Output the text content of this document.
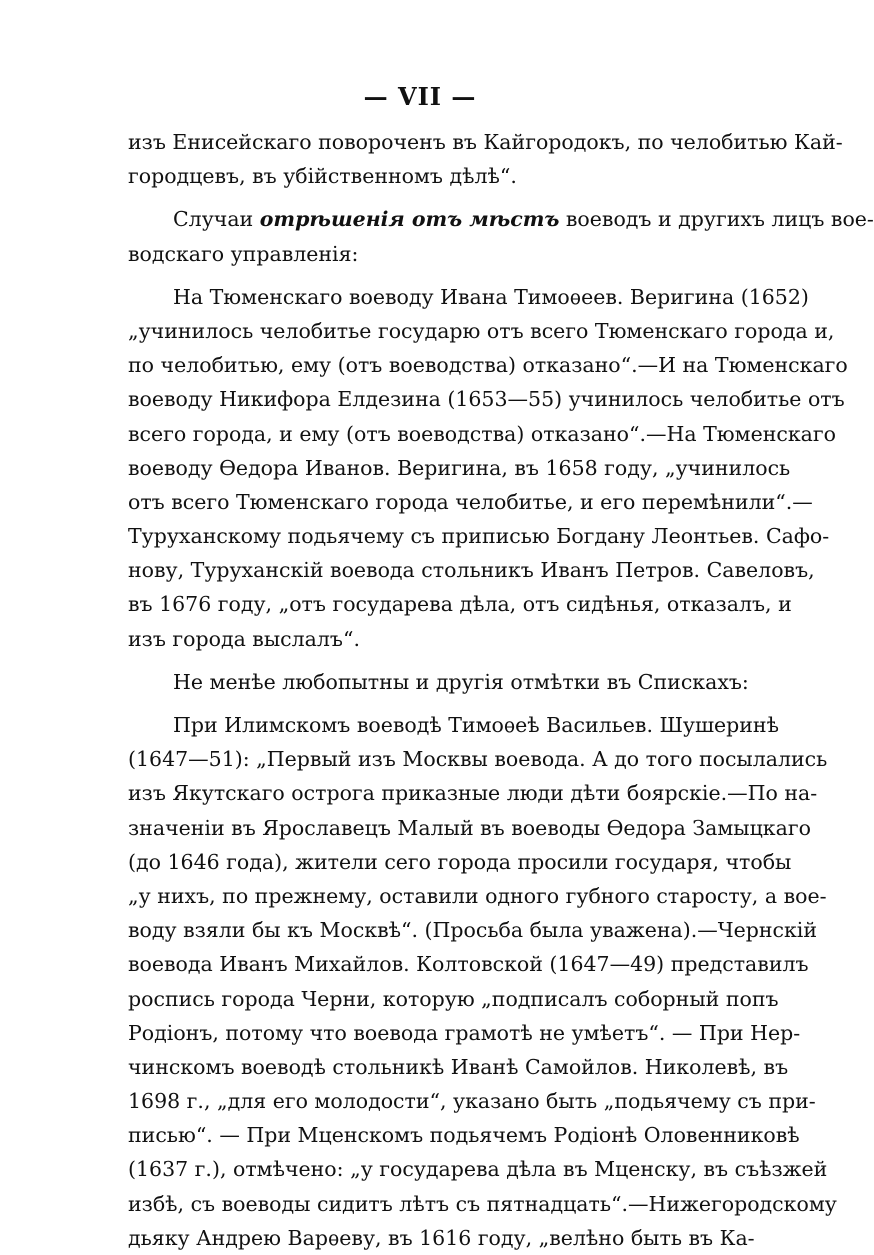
— VII —
изъ Енисейскаго повороченъ въ Кайгородокъ, по челобитью Кай-
городцевъ, въ убійственномъ дѣлѣ“.
Случаи отрѣшенія отъ мѣстъ воеводъ и другихъ лицъ вое-
водскаго управленія:
На Тюменскаго воеводу Ивана Тимоѳеев. Веригина (1652)
„учинилось челобитье государю отъ всего Тюменскаго города и,
по челобитью, ему (отъ воеводства) отказано“.—И на Тюменскаго
воеводу Никифора Елдезина (1653—55) учинилось челобитье отъ
всего города, и ему (отъ воеводства) отказано“.—На Тюменскаго
воеводу Ѳедора Иванов. Веригина, въ 1658 году, „учинилось
отъ всего Тюменскаго города челобитье, и его перемѣнили“.—
Туруханскому подьячему съ приписью Богдану Леонтьев. Сафо-
нову, Туруханскій воевода стольникъ Иванъ Петров. Савеловъ,
въ 1676 году, „отъ государева дѣла, отъ сидѣнья, отказалъ, и
изъ города выслалъ“.
Не менѣе любопытны и другія отмѣтки въ Спискахъ:
При Илимскомъ воеводѣ Тимоѳеѣ Васильев. Шушеринѣ
(1647—51): „Первый изъ Москвы воевода. А до того посылались
изъ Якутскаго острога приказные люди дѣти боярскіе.—По на-
значеніи въ Ярославецъ Малый въ воеводы Ѳедора Замыцкаго
(до 1646 года), жители сего города просили государя, чтобы
„у нихъ, по прежнему, оставили одного губного старосту, а вое-
воду взяли бы къ Москвѣ“. (Просьба была уважена).—Чернскій
воевода Иванъ Михайлов. Колтовской (1647—49) представилъ
роспись города Черни, которую „подписалъ соборный попъ
Родіонъ, потому что воевода грамотѣ не умѣетъ“. — При Нер-
чинскомъ воеводѣ стольникѣ Иванѣ Самойлов. Николевѣ, въ
1698 г., „для его молодости“, указано быть „подьячему съ при-
писью“. — При Мценскомъ подьячемъ Родіонѣ Оловенниковѣ
(1637 г.), отмѣчено: „у государева дѣла въ Мценску, въ съѣзжей
избѣ, съ воеводы сидитъ лѣтъ съ пятнадцать“.—Нижегородскому
дьяку Андрею Варѳеву, въ 1616 году, „велѣно быть въ Ка-
